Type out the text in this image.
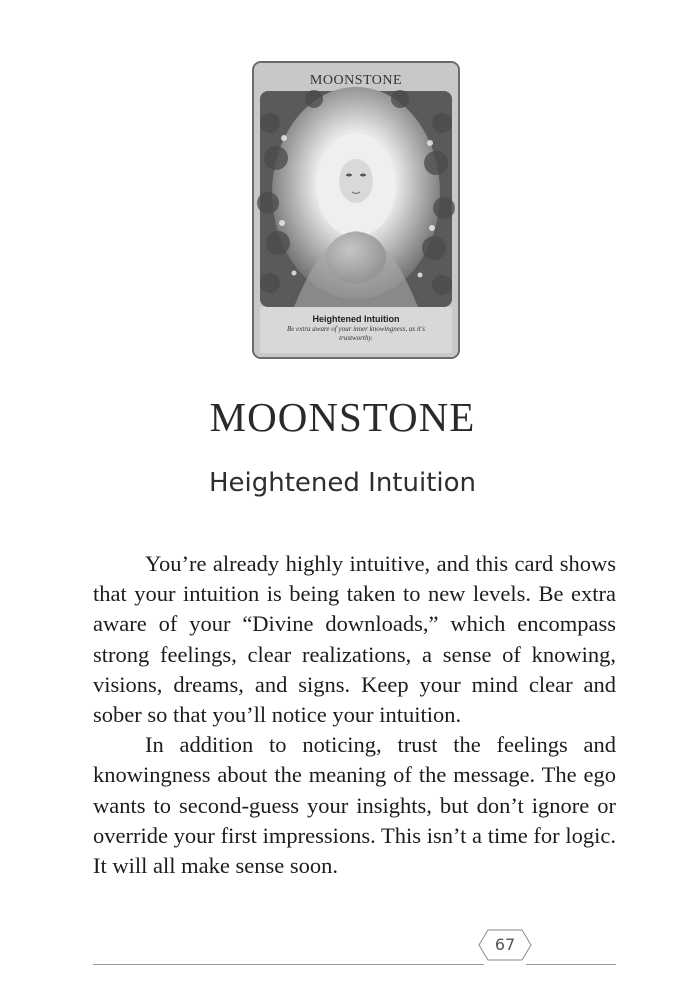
MOONSTONE
Heightened Intuition
Be extra aware of your inner knowingness, as it's trustworthy.
MOONSTONE
Heightened Intuition

You’re already highly intuitive, and this card shows that your intuition is being taken to new levels. Be extra aware of your “Divine downloads,” which encompass strong feelings, clear realizations, a sense of knowing, visions, dreams, and signs. Keep your mind clear and sober so that you’ll notice your intuition.

In addition to noticing, trust the feelings and knowingness about the meaning of the message. The ego wants to second-guess your insights, but don’t ignore or override your first impressions. This isn’t a time for logic. It will all make sense soon.

67
